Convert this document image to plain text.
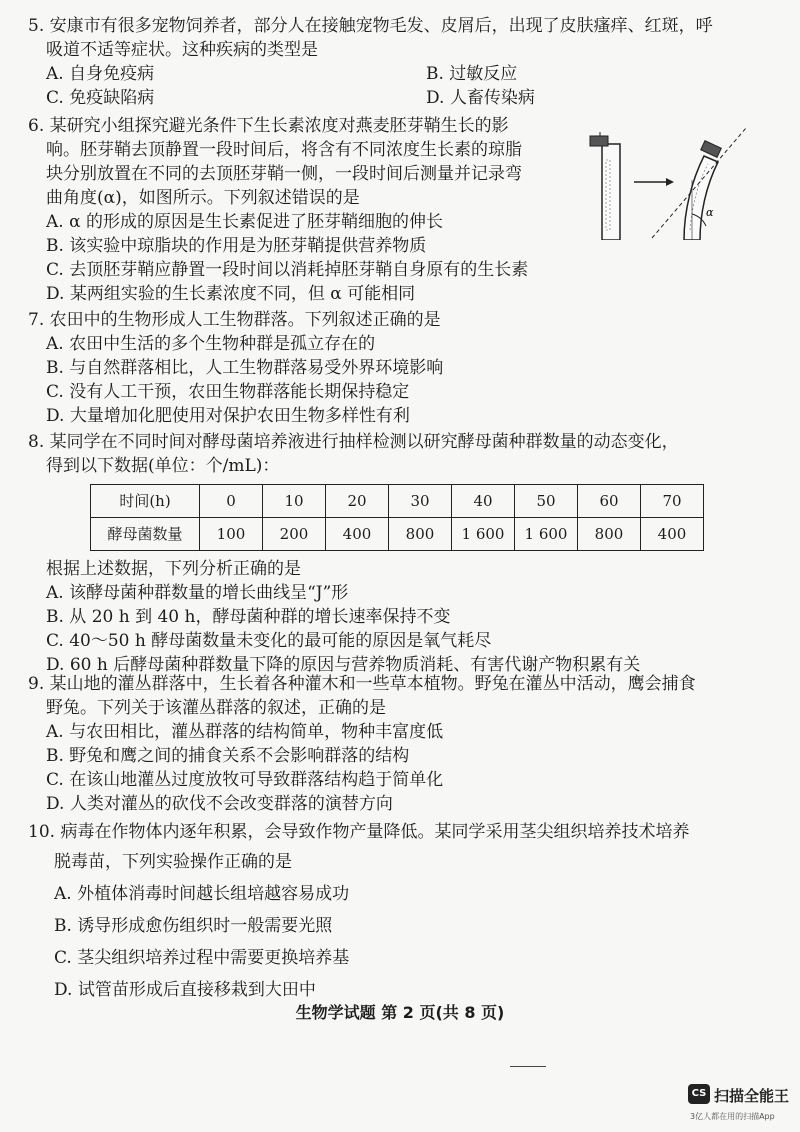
5. 安康市有很多宠物饲养者，部分人在接触宠物毛发、皮屑后，出现了皮肤瘙痒、红斑，呼

吸道不适等症状。这种疾病的类型是

A. 自身免疫病	B. 过敏反应
C. 免疫缺陷病	D. 人畜传染病

6. 某研究小组探究避光条件下生长素浓度对燕麦胚芽鞘生长的影

响。胚芽鞘去顶静置一段时间后，将含有不同浓度生长素的琼脂

块分别放置在不同的去顶胚芽鞘一侧，一段时间后测量并记录弯

曲角度(α)，如图所示。下列叙述错误的是

A. α 的形成的原因是生长素促进了胚芽鞘细胞的伸长

B. 该实验中琼脂块的作用是为胚芽鞘提供营养物质

C. 去顶胚芽鞘应静置一段时间以消耗掉胚芽鞘自身原有的生长素

D. 某两组实验的生长素浓度不同，但 α 可能相同

α

7. 农田中的生物形成人工生物群落。下列叙述正确的是

A. 农田中生活的多个生物种群是孤立存在的

B. 与自然群落相比，人工生物群落易受外界环境影响

C. 没有人工干预，农田生物群落能长期保持稳定

D. 大量增加化肥使用对保护农田生物多样性有利

8. 某同学在不同时间对酵母菌培养液进行抽样检测以研究酵母菌种群数量的动态变化，

得到以下数据(单位：个/mL)：

时间(h)	0	10	20	30	40	50	60	70
酵母菌数量	100	200	400	800	1 600	1 600	800	400

根据上述数据，下列分析正确的是

A. 该酵母菌种群数量的增长曲线呈“J”形

B. 从 20 h 到 40 h，酵母菌种群的增长速率保持不变

C. 40～50 h 酵母菌数量未变化的最可能的原因是氧气耗尽

D. 60 h 后酵母菌种群数量下降的原因与营养物质消耗、有害代谢产物积累有关

9. 某山地的灌丛群落中，生长着各种灌木和一些草本植物。野兔在灌丛中活动，鹰会捕食

野兔。下列关于该灌丛群落的叙述，正确的是

A. 与农田相比，灌丛群落的结构简单，物种丰富度低

B. 野兔和鹰之间的捕食关系不会影响群落的结构

C. 在该山地灌丛过度放牧可导致群落结构趋于简单化

D. 人类对灌丛的砍伐不会改变群落的演替方向

10. 病毒在作物体内逐年积累，会导致作物产量降低。某同学采用茎尖组织培养技术培养

脱毒苗，下列实验操作正确的是

A. 外植体消毒时间越长组培越容易成功

B. 诱导形成愈伤组织时一般需要光照

C. 茎尖组织培养过程中需要更换培养基

D. 试管苗形成后直接移栽到大田中

生物学试题 第 2 页(共 8 页)
CS 扫描全能王
3亿人都在用的扫描App
